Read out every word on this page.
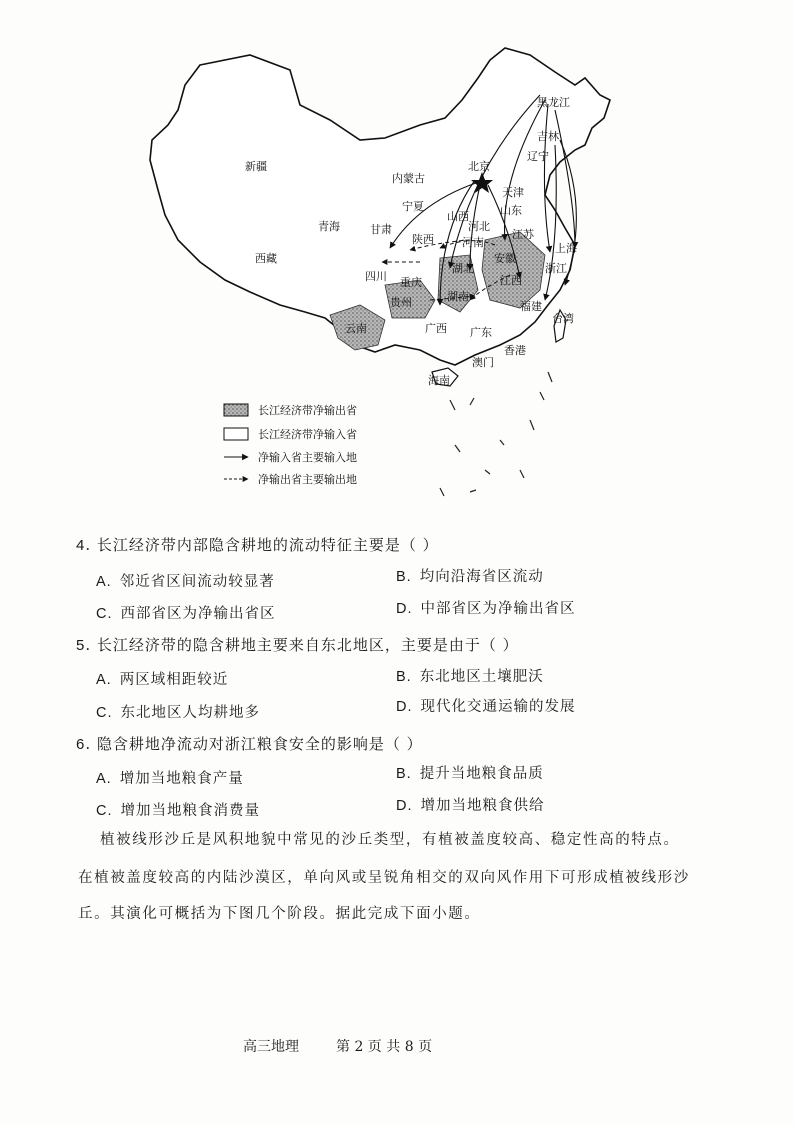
新疆
西藏
青海
内蒙古
甘肃
宁夏
陕西
山西
北京
天津
河北
山东
河南
湖北
四川 重庆
贵州
云南
湖南
广西 广东
海南
澳门
香港
台湾
福建
江西
浙江
上海
江苏
安徽
辽宁
吉林
黑龙江
长江经济带净输出省
长江经济带净输入省
净输入省主要输入地
净输出省主要输出地
4. 长江经济带内部隐含耕地的流动特征主要是（ ）
A. 邻近省区间流动较显著	B. 均向沿海省区流动
C. 西部省区为净输出省区	D. 中部省区为净输出省区
5. 长江经济带的隐含耕地主要来自东北地区，主要是由于（ ）
A. 两区域相距较近	B. 东北地区土壤肥沃
C. 东北地区人均耕地多	D. 现代化交通运输的发展
6. 隐含耕地净流动对浙江粮食安全的影响是（ ）
A. 增加当地粮食产量	B. 提升当地粮食品质
C. 增加当地粮食消费量	D. 增加当地粮食供给
植被线形沙丘是风积地貌中常见的沙丘类型，有植被盖度较高、稳定性高的特点。
在植被盖度较高的内陆沙漠区，单向风或呈锐角相交的双向风作用下可形成植被线形沙
丘。其演化可概括为下图几个阶段。据此完成下面小题。
高三地理	第 2 页 共 8 页
